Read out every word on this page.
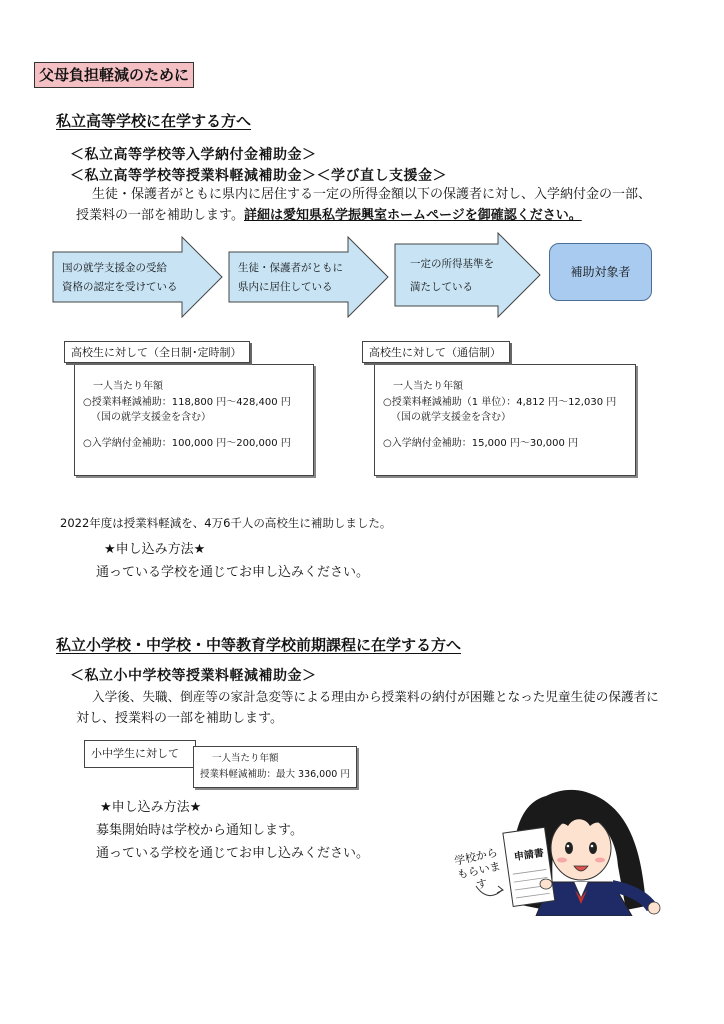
父母負担軽減のために
私立高等学校に在学する方へ
＜私立高等学校等入学納付金補助金＞
＜私立高等学校等授業料軽減補助金＞＜学び直し支援金＞
生徒・保護者がともに県内に居住する一定の所得金額以下の保護者に対し、入学納付金の一部、
授業料の一部を補助します。詳細は愛知県私学振興室ホームページを御確認ください。
国の就学支援金の受給
資格の認定を受けている
生徒・保護者がともに
県内に居住している
一定の所得基準を
満たしている
補助対象者
一人当たり年額
○授業料軽減補助：118,800 円～428,400 円
（国の就学支援金を含む）
○入学納付金補助：100,000 円～200,000 円
高校生に対して（全日制･定時制）
一人当たり年額
○授業料軽減補助（1 単位）：4,812 円～12,030 円
（国の就学支援金を含む）
○入学納付金補助：15,000 円～30,000 円
高校生に対して（通信制）
2022年度は授業料軽減を、4万6千人の高校生に補助しました。
★申し込み方法★
通っている学校を通じてお申し込みください。
私立小学校・中学校・中等教育学校前期課程に在学する方へ
＜私立小中学校等授業料軽減補助金＞
入学後、失職、倒産等の家計急変等による理由から授業料の納付が困難となった児童生徒の保護者に
対し、授業料の一部を補助します。
小中学生に対して	一人当たり年額
授業料軽減補助：最大 336,000 円
★申し込み方法★
募集開始時は学校から通知します。
通っている学校を通じてお申し込みください。	申請書
学校から もらいます
